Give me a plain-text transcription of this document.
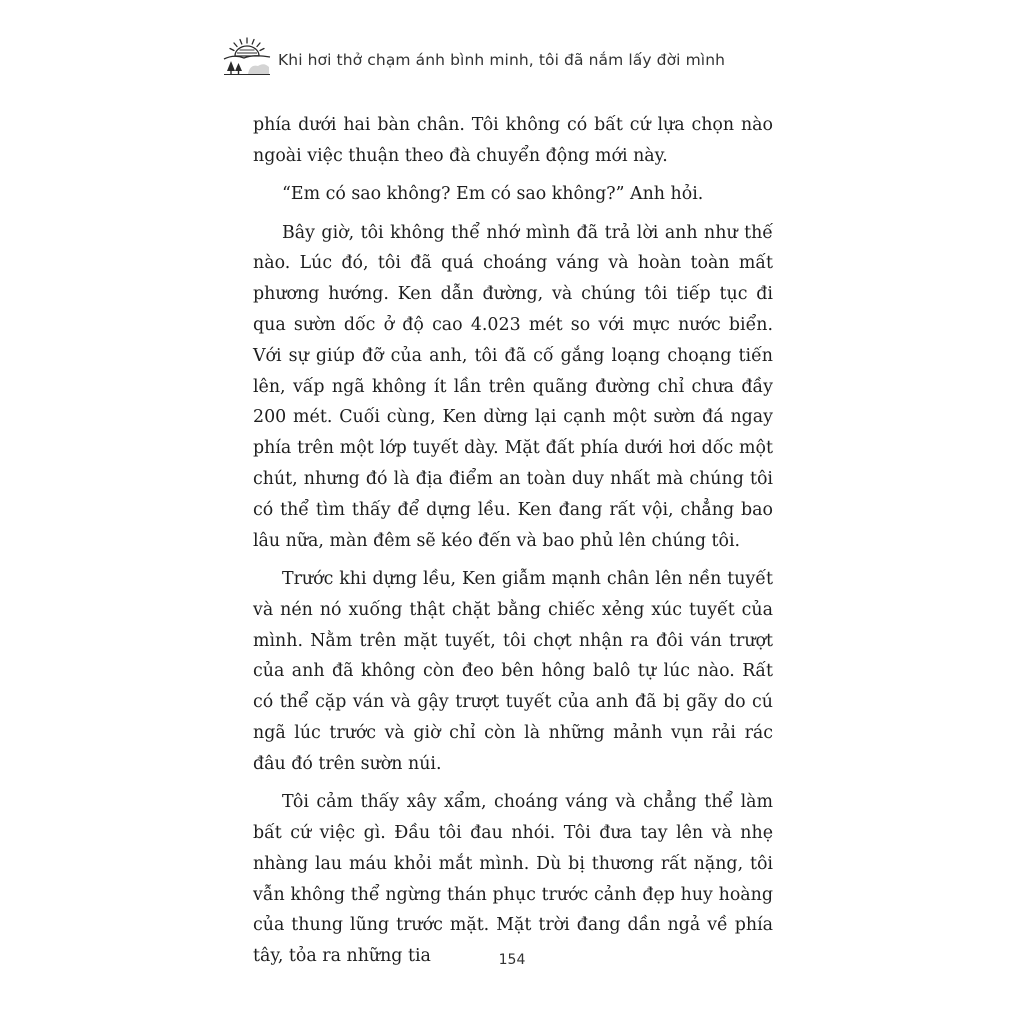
Khi hơi thở chạm ánh bình minh, tôi đã nắm lấy đời mình

phía dưới hai bàn chân. Tôi không có bất cứ lựa chọn nào ngoài việc thuận theo đà chuyển động mới này.

“Em có sao không? Em có sao không?” Anh hỏi.

Bây giờ, tôi không thể nhớ mình đã trả lời anh như thế nào. Lúc đó, tôi đã quá choáng váng và hoàn toàn mất phương hướng. Ken dẫn đường, và chúng tôi tiếp tục đi qua sườn dốc ở độ cao 4.023 mét so với mực nước biển. Với sự giúp đỡ của anh, tôi đã cố gắng loạng choạng tiến lên, vấp ngã không ít lần trên quãng đường chỉ chưa đầy 200 mét. Cuối cùng, Ken dừng lại cạnh một sườn đá ngay phía trên một lớp tuyết dày. Mặt đất phía dưới hơi dốc một chút, nhưng đó là địa điểm an toàn duy nhất mà chúng tôi có thể tìm thấy để dựng lều. Ken đang rất vội, chẳng bao lâu nữa, màn đêm sẽ kéo đến và bao phủ lên chúng tôi.

Trước khi dựng lều, Ken giẫm mạnh chân lên nền tuyết và nén nó xuống thật chặt bằng chiếc xẻng xúc tuyết của mình. Nằm trên mặt tuyết, tôi chợt nhận ra đôi ván trượt của anh đã không còn đeo bên hông balô tự lúc nào. Rất có thể cặp ván và gậy trượt tuyết của anh đã bị gãy do cú ngã lúc trước và giờ chỉ còn là những mảnh vụn rải rác đâu đó trên sườn núi.

Tôi cảm thấy xây xẩm, choáng váng và chẳng thể làm bất cứ việc gì. Đầu tôi đau nhói. Tôi đưa tay lên và nhẹ nhàng lau máu khỏi mắt mình. Dù bị thương rất nặng, tôi vẫn không thể ngừng thán phục trước cảnh đẹp huy hoàng của thung lũng trước mặt. Mặt trời đang dần ngả về phía tây, tỏa ra những tia	154
